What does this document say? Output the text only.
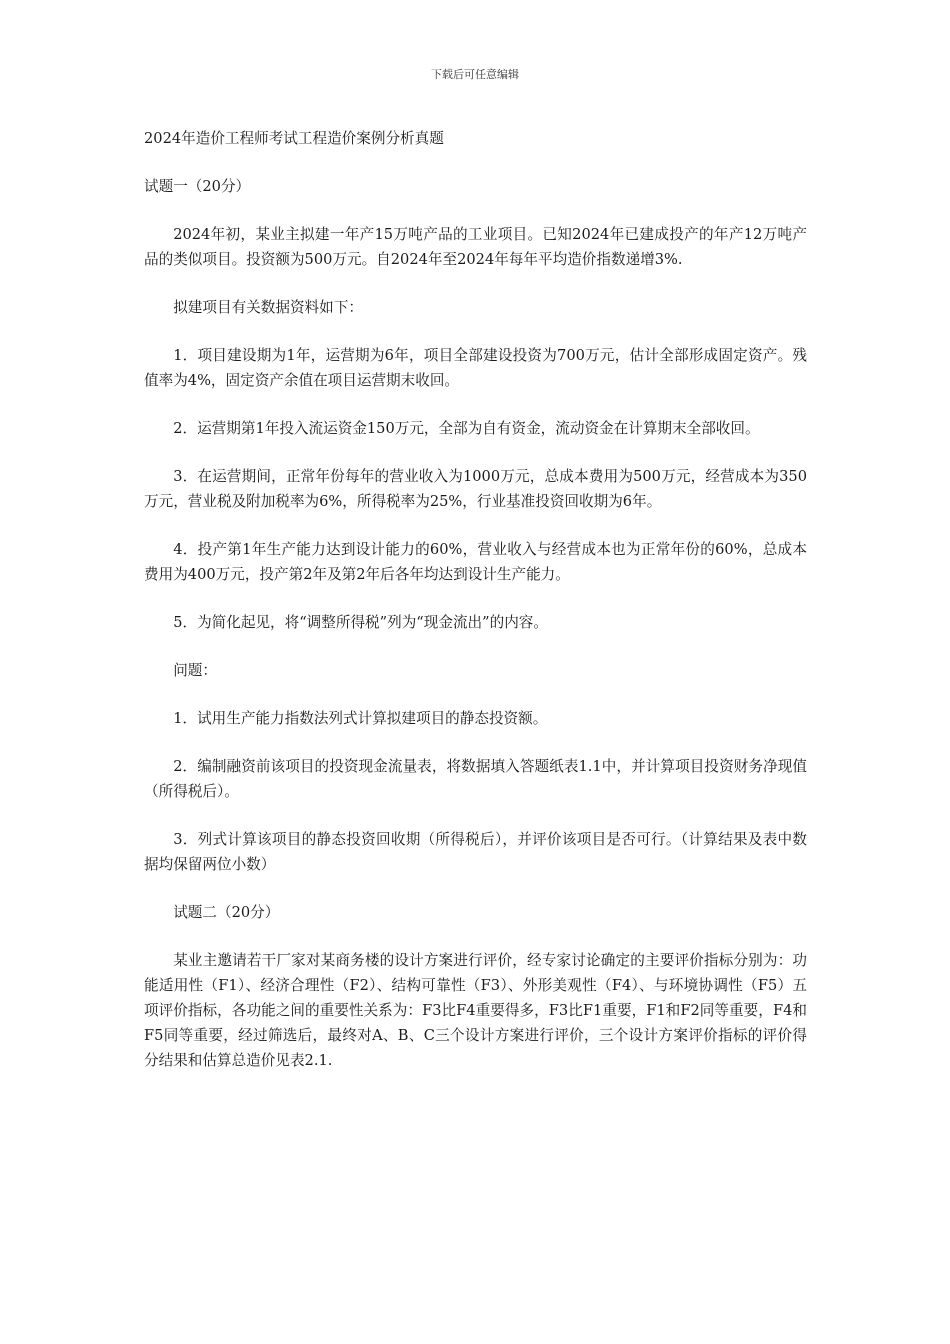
下载后可任意编辑

2024年造价工程师考试工程造价案例分析真题

试题一（20分）

2024年初，某业主拟建一年产15万吨产品的工业项目。已知2024年已建成投产的年产12万吨产品的类似项目。投资额为500万元。自2024年至2024年每年平均造价指数递增3%.

拟建项目有关数据资料如下：

1．项目建设期为1年，运营期为6年，项目全部建设投资为700万元，估计全部形成固定资产。残值率为4%，固定资产余值在项目运营期末收回。

2．运营期第1年投入流运资金150万元，全部为自有资金，流动资金在计算期末全部收回。

3．在运营期间，正常年份每年的营业收入为1000万元，总成本费用为500万元，经营成本为350万元，营业税及附加税率为6%，所得税率为25%，行业基准投资回收期为6年。

4．投产第1年生产能力达到设计能力的60%，营业收入与经营成本也为正常年份的60%，总成本费用为400万元，投产第2年及第2年后各年均达到设计生产能力。

5．为简化起见，将“调整所得税”列为“现金流出”的内容。

问题：

1．试用生产能力指数法列式计算拟建项目的静态投资额。

2．编制融资前该项目的投资现金流量表，将数据填入答题纸表1.1中，并计算项目投资财务净现值（所得税后）。

3．列式计算该项目的静态投资回收期（所得税后），并评价该项目是否可行。（计算结果及表中数据均保留两位小数）

试题二（20分）

某业主邀请若干厂家对某商务楼的设计方案进行评价，经专家讨论确定的主要评价指标分别为：功能适用性（F1）、经济合理性（F2）、结构可靠性（F3）、外形美观性（F4）、与环境协调性（F5）五项评价指标，各功能之间的重要性关系为：F3比F4重要得多，F3比F1重要，F1和F2同等重要，F4和F5同等重要，经过筛选后，最终对A、B、C三个设计方案进行评价，三个设计方案评价指标的评价得分结果和估算总造价见表2.1.
